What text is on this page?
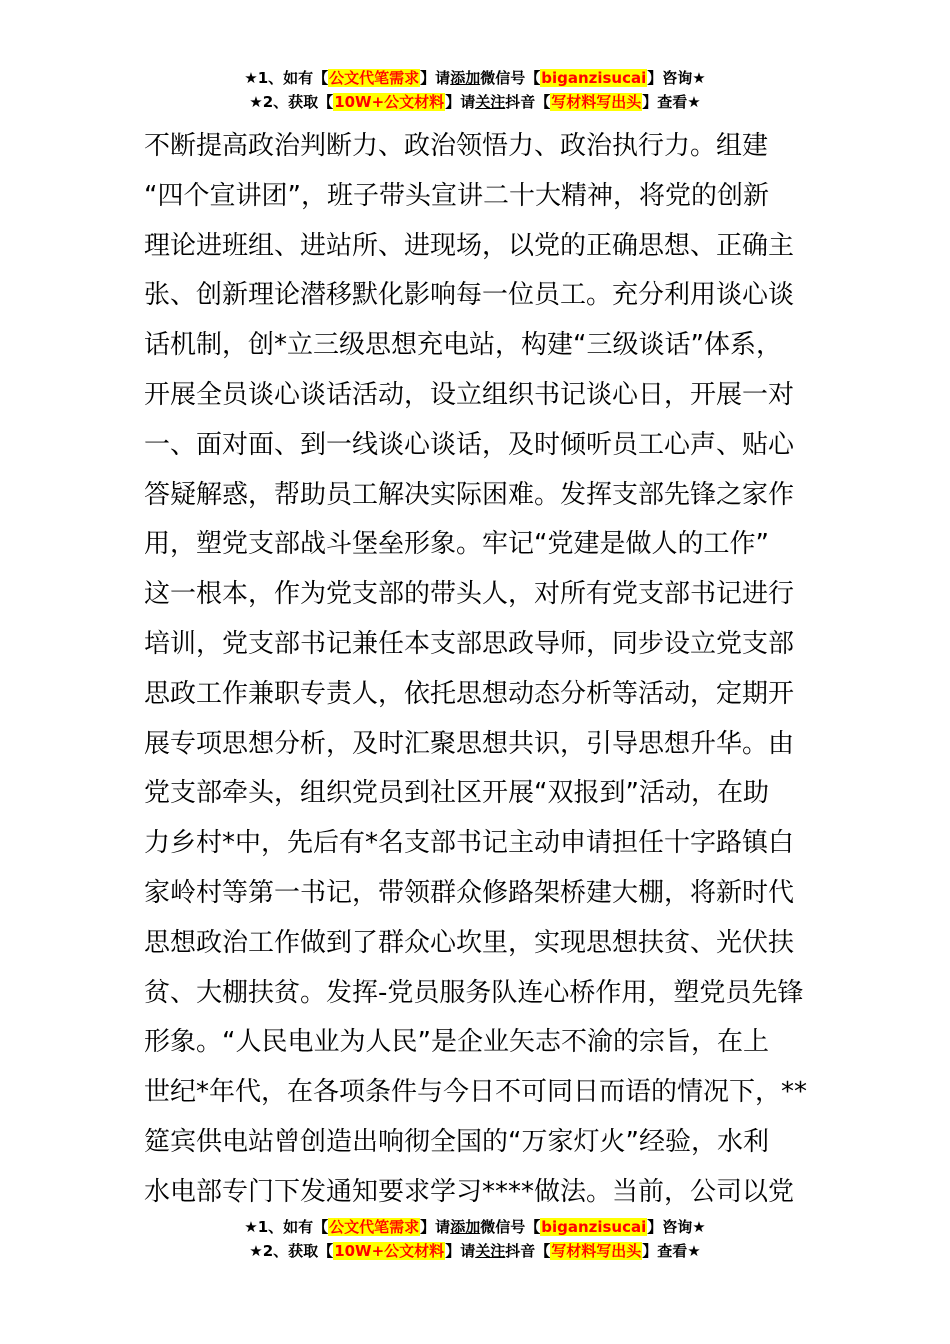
★1、如有【公文代笔需求】请添加微信号【biganzisucai】咨询★
★2、获取【10W+公文材料】请关注抖音【写材料写出头】查看★
不断提高政治判断力、政治领悟力、政治执行力。组建
“四个宣讲团”，班子带头宣讲二十大精神，将党的创新
理论进班组、进站所、进现场，以党的正确思想、正确主
张、创新理论潜移默化影响每一位员工。充分利用谈心谈
话机制，创*立三级思想充电站，构建“三级谈话”体系，
开展全员谈心谈话活动，设立组织书记谈心日，开展一对
一、面对面、到一线谈心谈话，及时倾听员工心声、贴心
答疑解惑，帮助员工解决实际困难。发挥支部先锋之家作
用，塑党支部战斗堡垒形象。牢记“党建是做人的工作”
这一根本，作为党支部的带头人，对所有党支部书记进行
培训，党支部书记兼任本支部思政导师，同步设立党支部
思政工作兼职专责人，依托思想动态分析等活动，定期开
展专项思想分析，及时汇聚思想共识，引导思想升华。由
党支部牵头，组织党员到社区开展“双报到”活动，在助
力乡村*中，先后有*名支部书记主动申请担任十字路镇白
家岭村等第一书记，带领群众修路架桥建大棚，将新时代
思想政治工作做到了群众心坎里，实现思想扶贫、光伏扶
贫、大棚扶贫。发挥-党员服务队连心桥作用，塑党员先锋
形象。“人民电业为人民”是企业矢志不渝的宗旨，在上
世纪*年代，在各项条件与今日不可同日而语的情况下，**
筵宾供电站曾创造出响彻全国的“万家灯火”经验，水利
水电部专门下发通知要求学习****做法。当前，公司以党
★1、如有【公文代笔需求】请添加微信号【biganzisucai】咨询★
★2、获取【10W+公文材料】请关注抖音【写材料写出头】查看★
